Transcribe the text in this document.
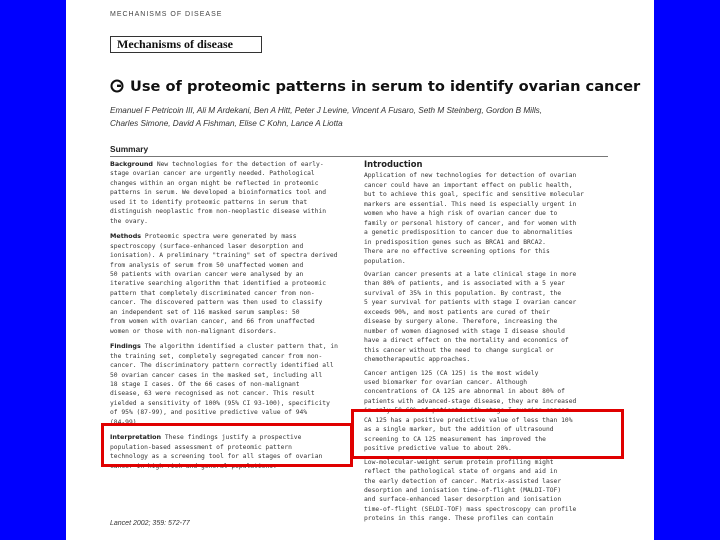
MECHANISMS OF DISEASE
Mechanisms of disease
Use of proteomic patterns in serum to identify ovarian cancer
Emanuel F Petricoin III, Ali M Ardekani, Ben A Hitt, Peter J Levine, Vincent A Fusaro, Seth M Steinberg, Gordon B Mills,
Charles Simone, David A Fishman, Elise C Kohn, Lance A Liotta
Summary

Background New technologies for the detection of early-
stage ovarian cancer are urgently needed. Pathological
changes within an organ might be reflected in proteomic
patterns in serum. We developed a bioinformatics tool and
used it to identify proteomic patterns in serum that
distinguish neoplastic from non-neoplastic disease within
the ovary.

Methods Proteomic spectra were generated by mass
spectroscopy (surface-enhanced laser desorption and
ionisation). A preliminary "training" set of spectra derived
from analysis of serum from 50 unaffected women and
50 patients with ovarian cancer were analysed by an
iterative searching algorithm that identified a proteomic
pattern that completely discriminated cancer from non-
cancer. The discovered pattern was then used to classify
an independent set of 116 masked serum samples: 50
from women with ovarian cancer, and 66 from unaffected
women or those with non-malignant disorders.

Findings The algorithm identified a cluster pattern that, in
the training set, completely segregated cancer from non-
cancer. The discriminatory pattern correctly identified all
50 ovarian cancer cases in the masked set, including all
18 stage I cases. Of the 66 cases of non-malignant
disease, 63 were recognised as not cancer. This result
yielded a sensitivity of 100% (95% CI 93-100), specificity
of 95% (87-99), and positive predictive value of 94%
(84-99).

Interpretation These findings justify a prospective
population-based assessment of proteomic pattern
technology as a screening tool for all stages of ovarian
cancer in high-risk and general populations.

Lancet 2002; 359: 572-77
Introduction

Application of new technologies for detection of ovarian
cancer could have an important effect on public health,
but to achieve this goal, specific and sensitive molecular
markers are essential. This need is especially urgent in
women who have a high risk of ovarian cancer due to
family or personal history of cancer, and for women with
a genetic predisposition to cancer due to abnormalities
in predisposition genes such as BRCA1 and BRCA2.
There are no effective screening options for this
population.

Ovarian cancer presents at a late clinical stage in more
than 80% of patients, and is associated with a 5 year
survival of 35% in this population. By contrast, the
5 year survival for patients with stage I ovarian cancer
exceeds 90%, and most patients are cured of their
disease by surgery alone. Therefore, increasing the
number of women diagnosed with stage I disease should
have a direct effect on the mortality and economics of
this cancer without the need to change surgical or
chemotherapeutic approaches.

Cancer antigen 125 (CA 125) is the most widely
used biomarker for ovarian cancer. Although
concentrations of CA 125 are abnormal in about 80% of
patients with advanced-stage disease, they are increased
in only 50-60% of patients with stage I ovarian cancer.
CA 125 has a positive predictive value of less than 10%
as a single marker, but the addition of ultrasound
screening to CA 125 measurement has improved the
positive predictive value to about 20%.

Low-molecular-weight serum protein profiling might
reflect the pathological state of organs and aid in
the early detection of cancer. Matrix-assisted laser
desorption and ionisation time-of-flight (MALDI-TOF)
and surface-enhanced laser desorption and ionisation
time-of-flight (SELDI-TOF) mass spectroscopy can profile
proteins in this range. These profiles can contain
